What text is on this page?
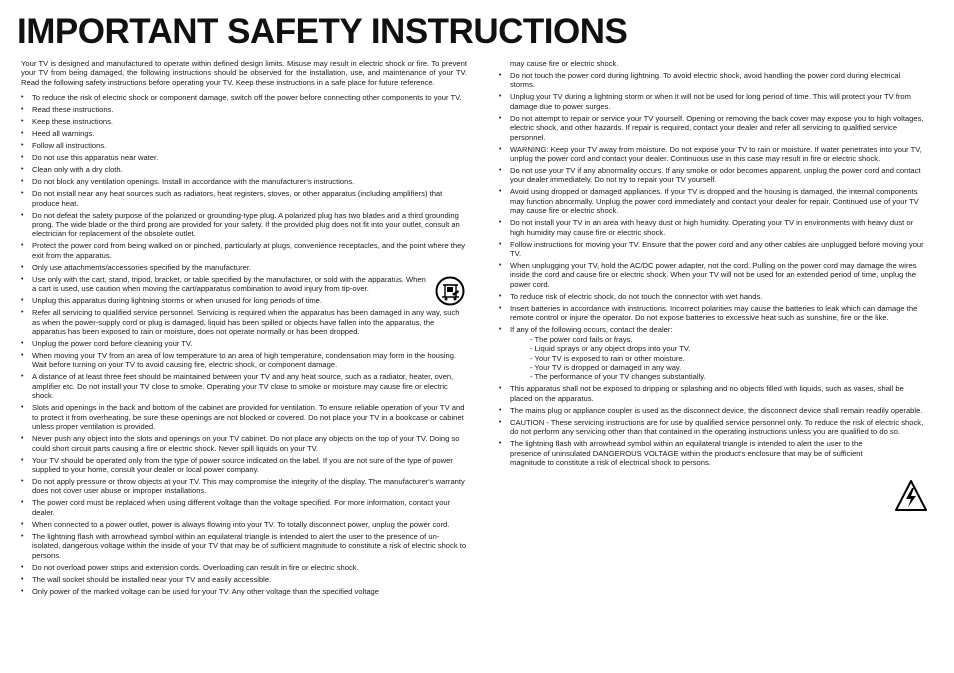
IMPORTANT SAFETY INSTRUCTIONS

Your TV is designed and manufactured to operate within defined design limits. Misuse may result in electric shock or fire. To prevent your TV from being damaged, the following instructions should be observed for the installation, use, and maintenance of your TV. Read the following safety instructions before operating your TV. Keep these instructions in a safe place for future reference.

• To reduce the risk of electric shock or component damage, switch off the power before connecting other components to your TV.
• Read these instructions.
• Keep these instructions.
• Heed all warnings.
• Follow all instructions.
• Do not use this apparatus near water.
• Clean only with a dry cloth.
• Do not block any ventilation openings. Install in accordance with the manufacturer's instructions.
• Do not install near any heat sources such as radiators, heat registers, stoves, or other apparatus (including amplifiers) that produce heat.
• Do not defeat the safety purpose of the polarized or grounding-type plug. A polarized plug has two blades and a third grounding prong. The wide blade or the third prong are provided for your safety. If the provided plug does not fit into your outlet, consult an electrician for replacement of the obsolete outlet.
• Protect the power cord from being walked on or pinched, particularly at plugs, convenience receptacles, and the point where they exit from the apparatus.
• Only use attachments/accessories specified by the manufacturer.
• Use only with the cart, stand, tripod, bracket, or table specified by the manufacturer, or sold with the apparatus. When a cart is used, use caution when moving the cart/apparatus combination to avoid injury from tip-over.
• Unplug this apparatus during lightning storms or when unused for long periods of time.
• Refer all servicing to qualified service personnel. Servicing is required when the apparatus has been damaged in any way, such as when the power-supply cord or plug is damaged, liquid has been spilled or objects have fallen into the apparatus, the apparatus has been exposed to rain or moisture, does not operate normally or has been dropped.
• Unplug the power cord before cleaning your TV.
• When moving your TV from an area of low temperature to an area of high temperature, condensation may form in the housing. Wait before turning on your TV to avoid causing fire, electric shock, or component damage.
• A distance of at least three feet should be maintained between your TV and any heat source, such as a radiator, heater, oven, amplifier etc. Do not install your TV close to smoke. Operating your TV close to smoke or moisture may cause fire or electric shock.
• Slots and openings in the back and bottom of the cabinet are provided for ventilation. To ensure reliable operation of your TV and to protect it from overheating, be sure these openings are not blocked or covered. Do not place your TV in a bookcase or cabinet unless proper ventilation is provided.
• Never push any object into the slots and openings on your TV cabinet. Do not place any objects on the top of your TV. Doing so could short circuit parts causing a fire or electric shock. Never spill liquids on your TV.
• Your TV should be operated only from the type of power source indicated on the label. If you are not sure of the type of power supplied to your home, consult your dealer or local power company.
• Do not apply pressure or throw objects at your TV. This may compromise the integrity of the display. The manufacturer's warranty does not cover user abuse or improper installations.
• The power cord must be replaced when using different voltage than the voltage specified. For more information, contact your dealer.
• When connected to a power outlet, power is always flowing into your TV. To totally disconnect power, unplug the power cord.
• The lightning flash with arrowhead symbol within an equilateral triangle is intended to alert the user to the presence of un-isolated, dangerous voltage within the inside of your TV that may be of sufficient magnitude to constitute a risk of electric shock to persons.
• Do not overload power strips and extension cords. Overloading can result in fire or electric shock.
• The wall socket should be installed near your TV and easily accessible.
• Only power of the marked voltage can be used for your TV. Any other voltage than the specified voltage
may cause fire or electric shock.
• Do not touch the power cord during lightning. To avoid electric shock, avoid handling the power cord during electrical storms.
• Unplug your TV during a lightning storm or when it will not be used for long period of time. This will protect your TV from damage due to power surges.
• Do not attempt to repair or service your TV yourself. Opening or removing the back cover may expose you to high voltages, electric shock, and other hazards. If repair is required, contact your dealer and refer all servicing to qualified service personnel.
• WARNING: Keep your TV away from moisture. Do not expose your TV to rain or moisture. If water penetrates into your TV, unplug the power cord and contact your dealer. Continuous use in this case may result in fire or electric shock.
• Do not use your TV if any abnormality occurs. If any smoke or odor becomes apparent, unplug the power cord and contact your dealer immediately. Do not try to repair your TV yourself.
• Avoid using dropped or damaged appliances. If your TV is dropped and the housing is damaged, the internal components may function abnormally. Unplug the power cord immediately and contact your dealer for repair. Continued use of your TV may cause fire or electric shock.
• Do not install your TV in an area with heavy dust or high humidity. Operating your TV in environments with heavy dust or high humidity may cause fire or electric shock.
• Follow instructions for moving your TV. Ensure that the power cord and any other cables are unplugged before moving your TV.
• When unplugging your TV, hold the AC/DC power adapter, not the cord. Pulling on the power cord may damage the wires inside the cord and cause fire or electric shock. When your TV will not be used for an extended period of time, unplug the power cord.
• To reduce risk of electric shock, do not touch the connector with wet hands.
• Insert batteries in accordance with instructions. Incorrect polarities may cause the batteries to leak which can damage the remote control or injure the operator. Do not expose batteries to excessive heat such as sunshine, fire or the like.
• If any of the following occurs, contact the dealer:
- The power cord fails or frays.
- Liquid sprays or any object drops into your TV.
- Your TV is exposed to rain or other moisture.
- Your TV is dropped or damaged in any way.
- The performance of your TV changes substantially.
• This apparatus shall not be exposed to dripping or splashing and no objects filled with liquids, such as vases, shall be placed on the apparatus.
• The mains plug or appliance coupler is used as the disconnect device, the disconnect device shall remain readily operable.
• CAUTION - These servicing instructions are for use by qualified service personnel only. To reduce the risk of electric shock, do not perform any servicing other than that contained in the operating instructions unless you are qualified to do so.
• The lightning flash with arrowhead symbol within an equilateral triangle is intended to alert the user to the presence of uninsulated DANGEROUS VOLTAGE within the product's enclosure that may be of sufficient magnitude to constitute a risk of electrical shock to persons.
